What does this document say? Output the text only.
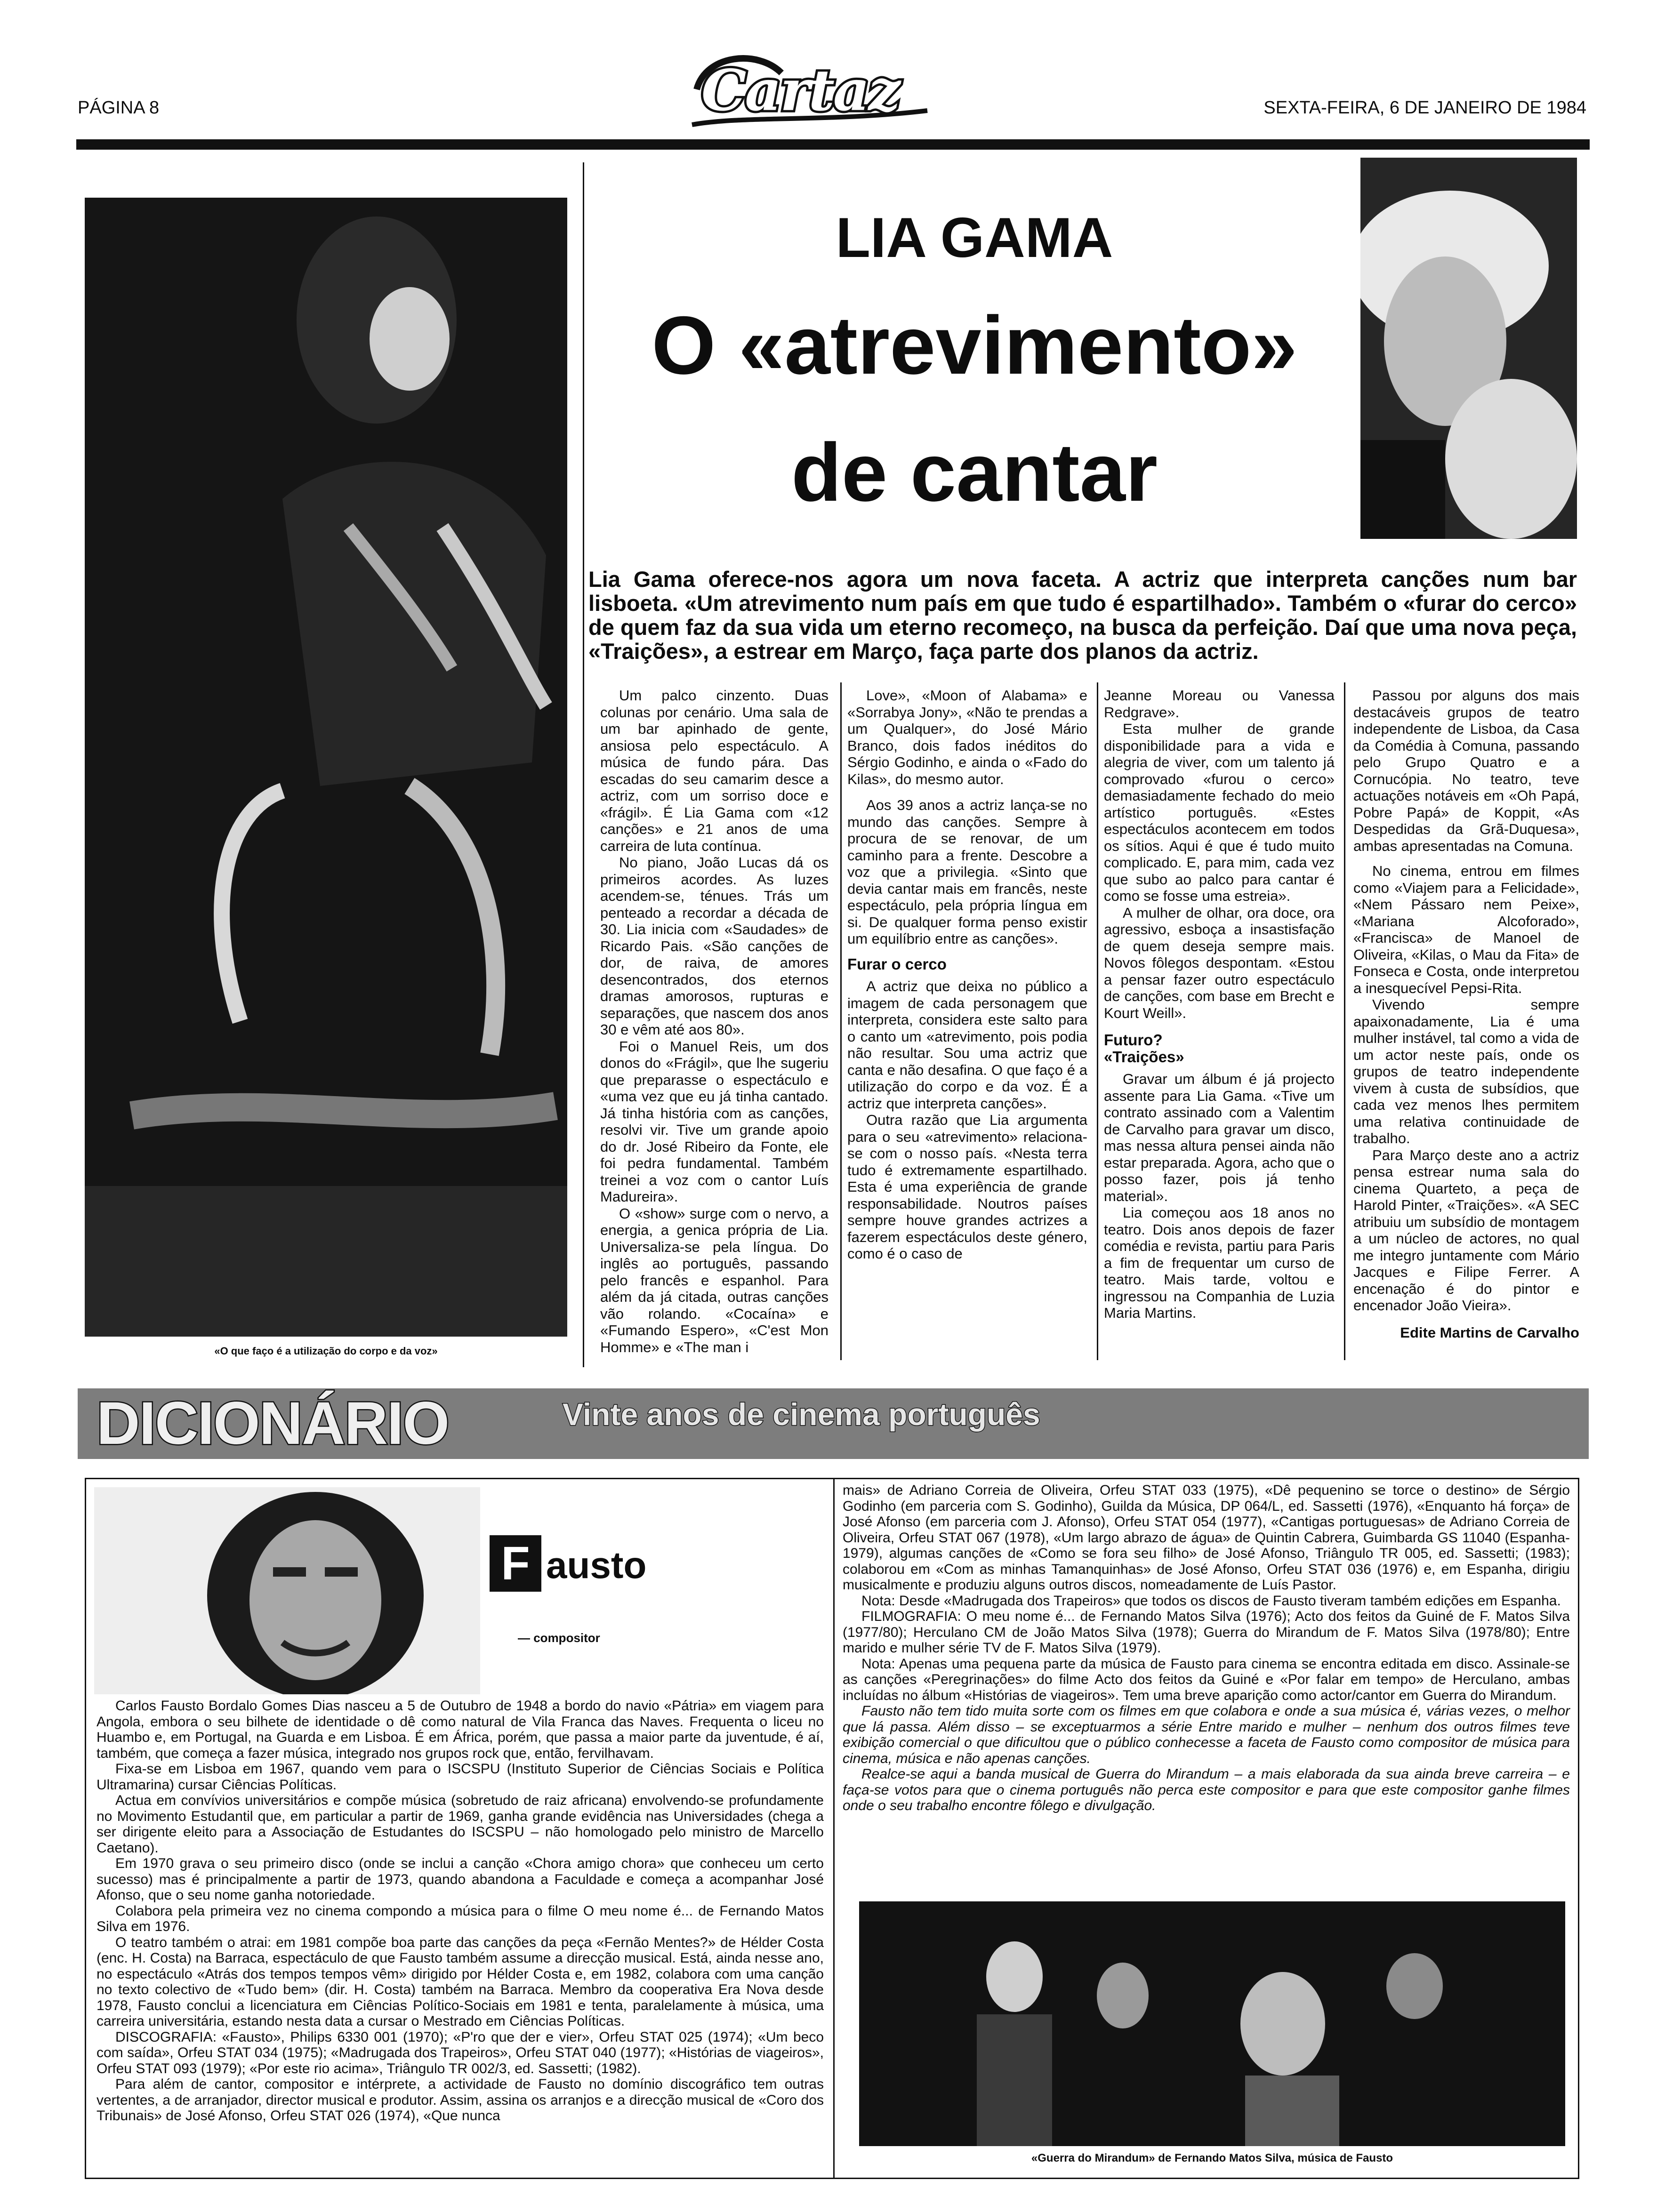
PÁGINA 8	Cartaz	SEXTA-FEIRA, 6 DE JANEIRO DE 1984
«O que faço é a utilização do corpo e da voz»
LIA GAMA
O «atrevimento»
de cantar
Lia Gama oferece-nos agora um nova faceta. A actriz que interpreta canções num bar lisboeta. «Um atrevimento num país em que tudo é espartilhado». Também o «furar do cerco» de quem faz da sua vida um eterno recomeço, na busca da perfeição. Daí que uma nova peça, «Traições», a estrear em Março, faça parte dos planos da actriz.

Um palco cinzento. Duas colunas por cenário. Uma sala de um bar apinhado de gente, ansiosa pelo espectáculo. A música de fundo pára. Das escadas do seu camarim desce a actriz, com um sorriso doce e «frágil». É Lia Gama com «12 canções» e 21 anos de uma carreira de luta contínua.

No piano, João Lucas dá os primeiros acordes. As luzes acendem-se, ténues. Trás um penteado a recordar a década de 30. Lia inicia com «Saudades» de Ricardo Pais. «São canções de dor, de raiva, de amores desencontrados, dos eternos dramas amorosos, rupturas e separações, que nascem dos anos 30 e vêm até aos 80».

Foi o Manuel Reis, um dos donos do «Frágil», que lhe sugeriu que preparasse o espectáculo e «uma vez que eu já tinha cantado. Já tinha história com as canções, resolvi vir. Tive um grande apoio do dr. José Ribeiro da Fonte, ele foi pedra fundamental. Também treinei a voz com o cantor Luís Madureira».

O «show» surge com o nervo, a energia, a genica própria de Lia. Universaliza-se pela língua. Do inglês ao português, passando pelo francês e espanhol. Para além da já citada, outras canções vão rolando. «Cocaína» e «Fumando Espero», «C'est Mon Homme» e «The man i

Love», «Moon of Alabama» e «Sorrabya Jony», «Não te prendas a um Qualquer», do José Mário Branco, dois fados inéditos do Sérgio Godinho, e ainda o «Fado do Kilas», do mesmo autor.

Aos 39 anos a actriz lança-se no mundo das canções. Sempre à procura de se renovar, de um caminho para a frente. Descobre a voz que a privilegia. «Sinto que devia cantar mais em francês, neste espectáculo, pela própria língua em si. De qualquer forma penso existir um equilíbrio entre as canções».

Furar o cerco

A actriz que deixa no público a imagem de cada personagem que interpreta, considera este salto para o canto um «atrevimento, pois podia não resultar. Sou uma actriz que canta e não desafina. O que faço é a utilização do corpo e da voz. É a actriz que interpreta canções».

Outra razão que Lia argumenta para o seu «atrevimento» relaciona-se com o nosso país. «Nesta terra tudo é extremamente espartilhado. Esta é uma experiência de grande responsabilidade. Noutros países sempre houve grandes actrizes a fazerem espectáculos deste género, como é o caso de

Jeanne Moreau ou Vanessa Redgrave».

Esta mulher de grande disponibilidade para a vida e alegria de viver, com um talento já comprovado «furou o cerco» demasiadamente fechado do meio artístico português. «Estes espectáculos acontecem em todos os sítios. Aqui é que é tudo muito complicado. E, para mim, cada vez que subo ao palco para cantar é como se fosse uma estreia».

A mulher de olhar, ora doce, ora agressivo, esboça a insastisfação de quem deseja sempre mais. Novos fôlegos despontam. «Estou a pensar fazer outro espectáculo de canções, com base em Brecht e Kourt Weill».

Futuro?
«Traições»

Gravar um álbum é já projecto assente para Lia Gama. «Tive um contrato assinado com a Valentim de Carvalho para gravar um disco, mas nessa altura pensei ainda não estar preparada. Agora, acho que o posso fazer, pois já tenho material».

Lia começou aos 18 anos no teatro. Dois anos depois de fazer comédia e revista, partiu para Paris a fim de frequentar um curso de teatro. Mais tarde, voltou e ingressou na Companhia de Luzia Maria Martins.

Passou por alguns dos mais destacáveis grupos de teatro independente de Lisboa, da Casa da Comédia à Comuna, passando pelo Grupo Quatro e a Cornucópia. No teatro, teve actuações notáveis em «Oh Papá, Pobre Papá» de Koppit, «As Despedidas da Grã-Duquesa», ambas apresentadas na Comuna.

No cinema, entrou em filmes como «Viajem para a Felicidade», «Nem Pássaro nem Peixe», «Mariana Alcoforado», «Francisca» de Manoel de Oliveira, «Kilas, o Mau da Fita» de Fonseca e Costa, onde interpretou a inesquecível Pepsi-Rita.

Vivendo sempre apaixonadamente, Lia é uma mulher instável, tal como a vida de um actor neste país, onde os grupos de teatro independente vivem à custa de subsídios, que cada vez menos lhes permitem uma relativa continuidade de trabalho.

Para Março deste ano a actriz pensa estrear numa sala do cinema Quarteto, a peça de Harold Pinter, «Traições». «A SEC atribuiu um subsídio de montagem a um núcleo de actores, no qual me integro juntamente com Mário Jacques e Filipe Ferrer. A encenação é do pintor e encenador João Vieira».

Edite Martins de Carvalho
DICIONÁRIO	Vinte anos de cinema português
F austo
— compositor

Carlos Fausto Bordalo Gomes Dias nasceu a 5 de Outubro de 1948 a bordo do navio «Pátria» em viagem para Angola, embora o seu bilhete de identidade o dê como natural de Vila Franca das Naves. Frequenta o liceu no Huambo e, em Portugal, na Guarda e em Lisboa. É em África, porém, que passa a maior parte da juventude, é aí, também, que começa a fazer música, integrado nos grupos rock que, então, fervilhavam.

Fixa-se em Lisboa em 1967, quando vem para o ISCSPU (Instituto Superior de Ciências Sociais e Política Ultramarina) cursar Ciências Políticas.

Actua em convívios universitários e compõe música (sobretudo de raiz africana) envolvendo-se profundamente no Movimento Estudantil que, em particular a partir de 1969, ganha grande evidência nas Universidades (chega a ser dirigente eleito para a Associação de Estudantes do ISCSPU – não homologado pelo ministro de Marcello Caetano).

Em 1970 grava o seu primeiro disco (onde se inclui a canção «Chora amigo chora» que conheceu um certo sucesso) mas é principalmente a partir de 1973, quando abandona a Faculdade e começa a acompanhar José Afonso, que o seu nome ganha notoriedade.

Colabora pela primeira vez no cinema compondo a música para o filme O meu nome é... de Fernando Matos Silva em 1976.

O teatro também o atrai: em 1981 compõe boa parte das canções da peça «Fernão Mentes?» de Hélder Costa (enc. H. Costa) na Barraca, espectáculo de que Fausto também assume a direcção musical. Está, ainda nesse ano, no espectáculo «Atrás dos tempos tempos vêm» dirigido por Hélder Costa e, em 1982, colabora com uma canção no texto colectivo de «Tudo bem» (dir. H. Costa) também na Barraca. Membro da cooperativa Era Nova desde 1978, Fausto conclui a licenciatura em Ciências Político-Sociais em 1981 e tenta, paralelamente à música, uma carreira universitária, estando nesta data a cursar o Mestrado em Ciências Políticas.

DISCOGRAFIA: «Fausto», Philips 6330 001 (1970); «P'ro que der e vier», Orfeu STAT 025 (1974); «Um beco com saída», Orfeu STAT 034 (1975); «Madrugada dos Trapeiros», Orfeu STAT 040 (1977); «Histórias de viageiros», Orfeu STAT 093 (1979); «Por este rio acima», Triângulo TR 002/3, ed. Sassetti; (1982).

Para além de cantor, compositor e intérprete, a actividade de Fausto no domínio discográfico tem outras vertentes, a de arranjador, director musical e produtor. Assim, assina os arranjos e a direcção musical de «Coro dos Tribunais» de José Afonso, Orfeu STAT 026 (1974), «Que nunca

mais» de Adriano Correia de Oliveira, Orfeu STAT 033 (1975), «Dê pequenino se torce o destino» de Sérgio Godinho (em parceria com S. Godinho), Guilda da Música, DP 064/L, ed. Sassetti (1976), «Enquanto há força» de José Afonso (em parceria com J. Afonso), Orfeu STAT 054 (1977), «Cantigas portuguesas» de Adriano Correia de Oliveira, Orfeu STAT 067 (1978), «Um largo abrazo de água» de Quintin Cabrera, Guimbarda GS 11040 (Espanha-1979), algumas canções de «Como se fora seu filho» de José Afonso, Triângulo TR 005, ed. Sassetti; (1983); colaborou em «Com as minhas Tamanquinhas» de José Afonso, Orfeu STAT 036 (1976) e, em Espanha, dirigiu musicalmente e produziu alguns outros discos, nomeadamente de Luís Pastor.

Nota: Desde «Madrugada dos Trapeiros» que todos os discos de Fausto tiveram também edições em Espanha.

FILMOGRAFIA: O meu nome é... de Fernando Matos Silva (1976); Acto dos feitos da Guiné de F. Matos Silva (1977/80); Herculano CM de João Matos Silva (1978); Guerra do Mirandum de F. Matos Silva (1978/80); Entre marido e mulher série TV de F. Matos Silva (1979).

Nota: Apenas uma pequena parte da música de Fausto para cinema se encontra editada em disco. Assinale-se as canções «Peregrinações» do filme Acto dos feitos da Guiné e «Por falar em tempo» de Herculano, ambas incluídas no álbum «Histórias de viageiros». Tem uma breve aparição como actor/cantor em Guerra do Mirandum.

Fausto não tem tido muita sorte com os filmes em que colabora e onde a sua música é, várias vezes, o melhor que lá passa. Além disso – se exceptuarmos a série Entre marido e mulher – nenhum dos outros filmes teve exibição comercial o que dificultou que o público conhecesse a faceta de Fausto como compositor de música para cinema, música e não apenas canções.

Realce-se aqui a banda musical de Guerra do Mirandum – a mais elaborada da sua ainda breve carreira – e faça-se votos para que o cinema português não perca este compositor e para que este compositor ganhe filmes onde o seu trabalho encontre fôlego e divulgação.

«Guerra do Mirandum» de Fernando Matos Silva, música de Fausto
